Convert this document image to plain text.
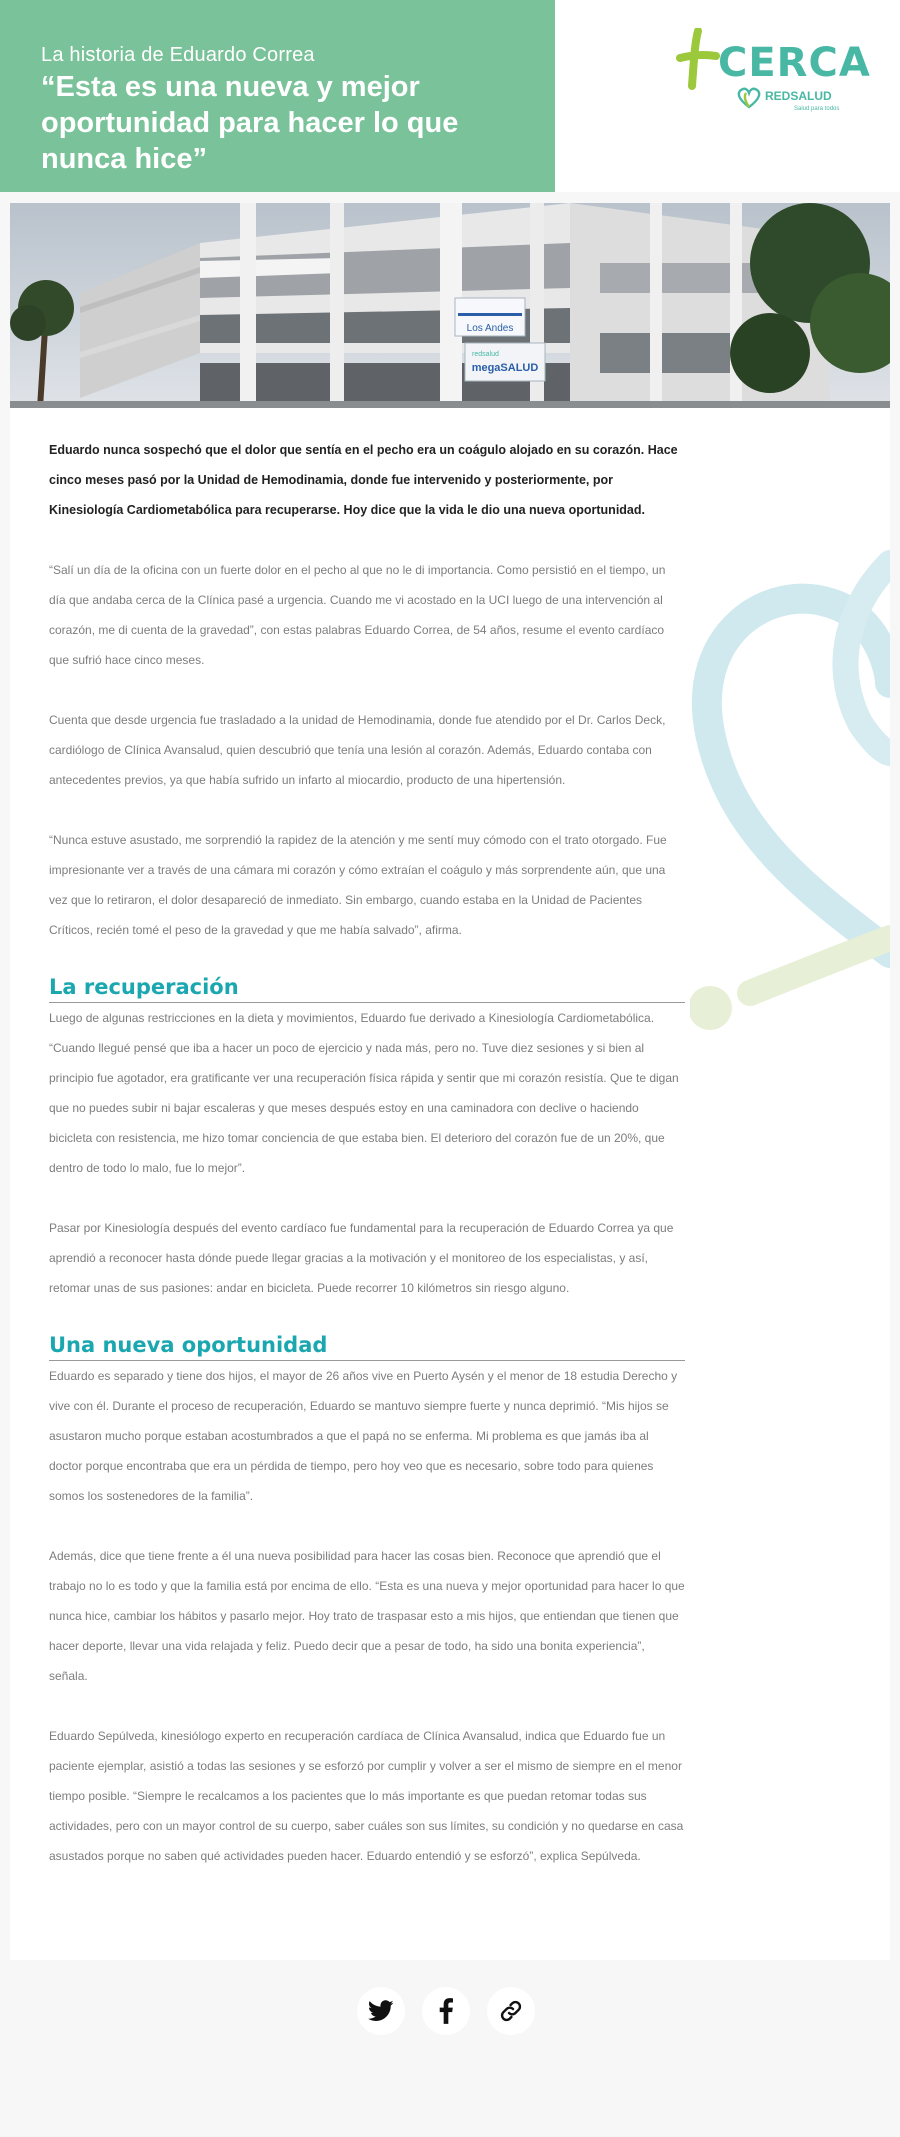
La historia de Eduardo Correa
“Esta es una nueva y mejor oportunidad para hacer lo que nunca hice”
CERCA
REDSALUD
Salud para todos
Los Andes
redsalud
megaSALUD

Eduardo nunca sospechó que el dolor que sentía en el pecho era un coágulo alojado en su corazón. Hace cinco meses pasó por la Unidad de Hemodinamia, donde fue intervenido y posteriormente, por Kinesiología Cardiometabólica para recuperarse. Hoy dice que la vida le dio una nueva oportunidad.

“Salí un día de la oficina con un fuerte dolor en el pecho al que no le di importancia. Como persistió en el tiempo, un día que andaba cerca de la Clínica pasé a urgencia. Cuando me vi acostado en la UCI luego de una intervención al corazón, me di cuenta de la gravedad”, con estas palabras Eduardo Correa, de 54 años, resume el evento cardíaco que sufrió hace cinco meses.

Cuenta que desde urgencia fue trasladado a la unidad de Hemodinamia, donde fue atendido por el Dr. Carlos Deck, cardiólogo de Clínica Avansalud, quien descubrió que tenía una lesión al corazón. Además, Eduardo contaba con antecedentes previos, ya que había sufrido un infarto al miocardio, producto de una hipertensión.

“Nunca estuve asustado, me sorprendió la rapidez de la atención y me sentí muy cómodo con el trato otorgado. Fue impresionante ver a través de una cámara mi corazón y cómo extraían el coágulo y más sorprendente aún, que una vez que lo retiraron, el dolor desapareció de inmediato. Sin embargo, cuando estaba en la Unidad de Pacientes Críticos, recién tomé el peso de la gravedad y que me había salvado”, afirma.

La recuperación

Luego de algunas restricciones en la dieta y movimientos, Eduardo fue derivado a Kinesiología Cardiometabólica. “Cuando llegué pensé que iba a hacer un poco de ejercicio y nada más, pero no. Tuve diez sesiones y si bien al principio fue agotador, era gratificante ver una recuperación física rápida y sentir que mi corazón resistía. Que te digan que no puedes subir ni bajar escaleras y que meses después estoy en una caminadora con declive o haciendo bicicleta con resistencia, me hizo tomar conciencia de que estaba bien. El deterioro del corazón fue de un 20%, que dentro de todo lo malo, fue lo mejor”.

Pasar por Kinesiología después del evento cardíaco fue fundamental para la recuperación de Eduardo Correa ya que aprendió a reconocer hasta dónde puede llegar gracias a la motivación y el monitoreo de los especialistas, y así, retomar unas de sus pasiones: andar en bicicleta. Puede recorrer 10 kilómetros sin riesgo alguno.

Una nueva oportunidad

Eduardo es separado y tiene dos hijos, el mayor de 26 años vive en Puerto Aysén y el menor de 18 estudia Derecho y vive con él. Durante el proceso de recuperación, Eduardo se mantuvo siempre fuerte y nunca deprimió. “Mis hijos se asustaron mucho porque estaban acostumbrados a que el papá no se enferma. Mi problema es que jamás iba al doctor porque encontraba que era un pérdida de tiempo, pero hoy veo que es necesario, sobre todo para quienes somos los sostenedores de la familia”.

Además, dice que tiene frente a él una nueva posibilidad para hacer las cosas bien. Reconoce que aprendió que el trabajo no lo es todo y que la familia está por encima de ello. “Esta es una nueva y mejor oportunidad para hacer lo que nunca hice, cambiar los hábitos y pasarlo mejor. Hoy trato de traspasar esto a mis hijos, que entiendan que tienen que hacer deporte, llevar una vida relajada y feliz. Puedo decir que a pesar de todo, ha sido una bonita experiencia”, señala.

Eduardo Sepúlveda, kinesiólogo experto en recuperación cardíaca de Clínica Avansalud, indica que Eduardo fue un paciente ejemplar, asistió a todas las sesiones y se esforzó por cumplir y volver a ser el mismo de siempre en el menor tiempo posible. “Siempre le recalcamos a los pacientes que lo más importante es que puedan retomar todas sus actividades, pero con un mayor control de su cuerpo, saber cuáles son sus límites, su condición y no quedarse en casa asustados porque no saben qué actividades pueden hacer. Eduardo entendió y se esforzó”, explica Sepúlveda.
